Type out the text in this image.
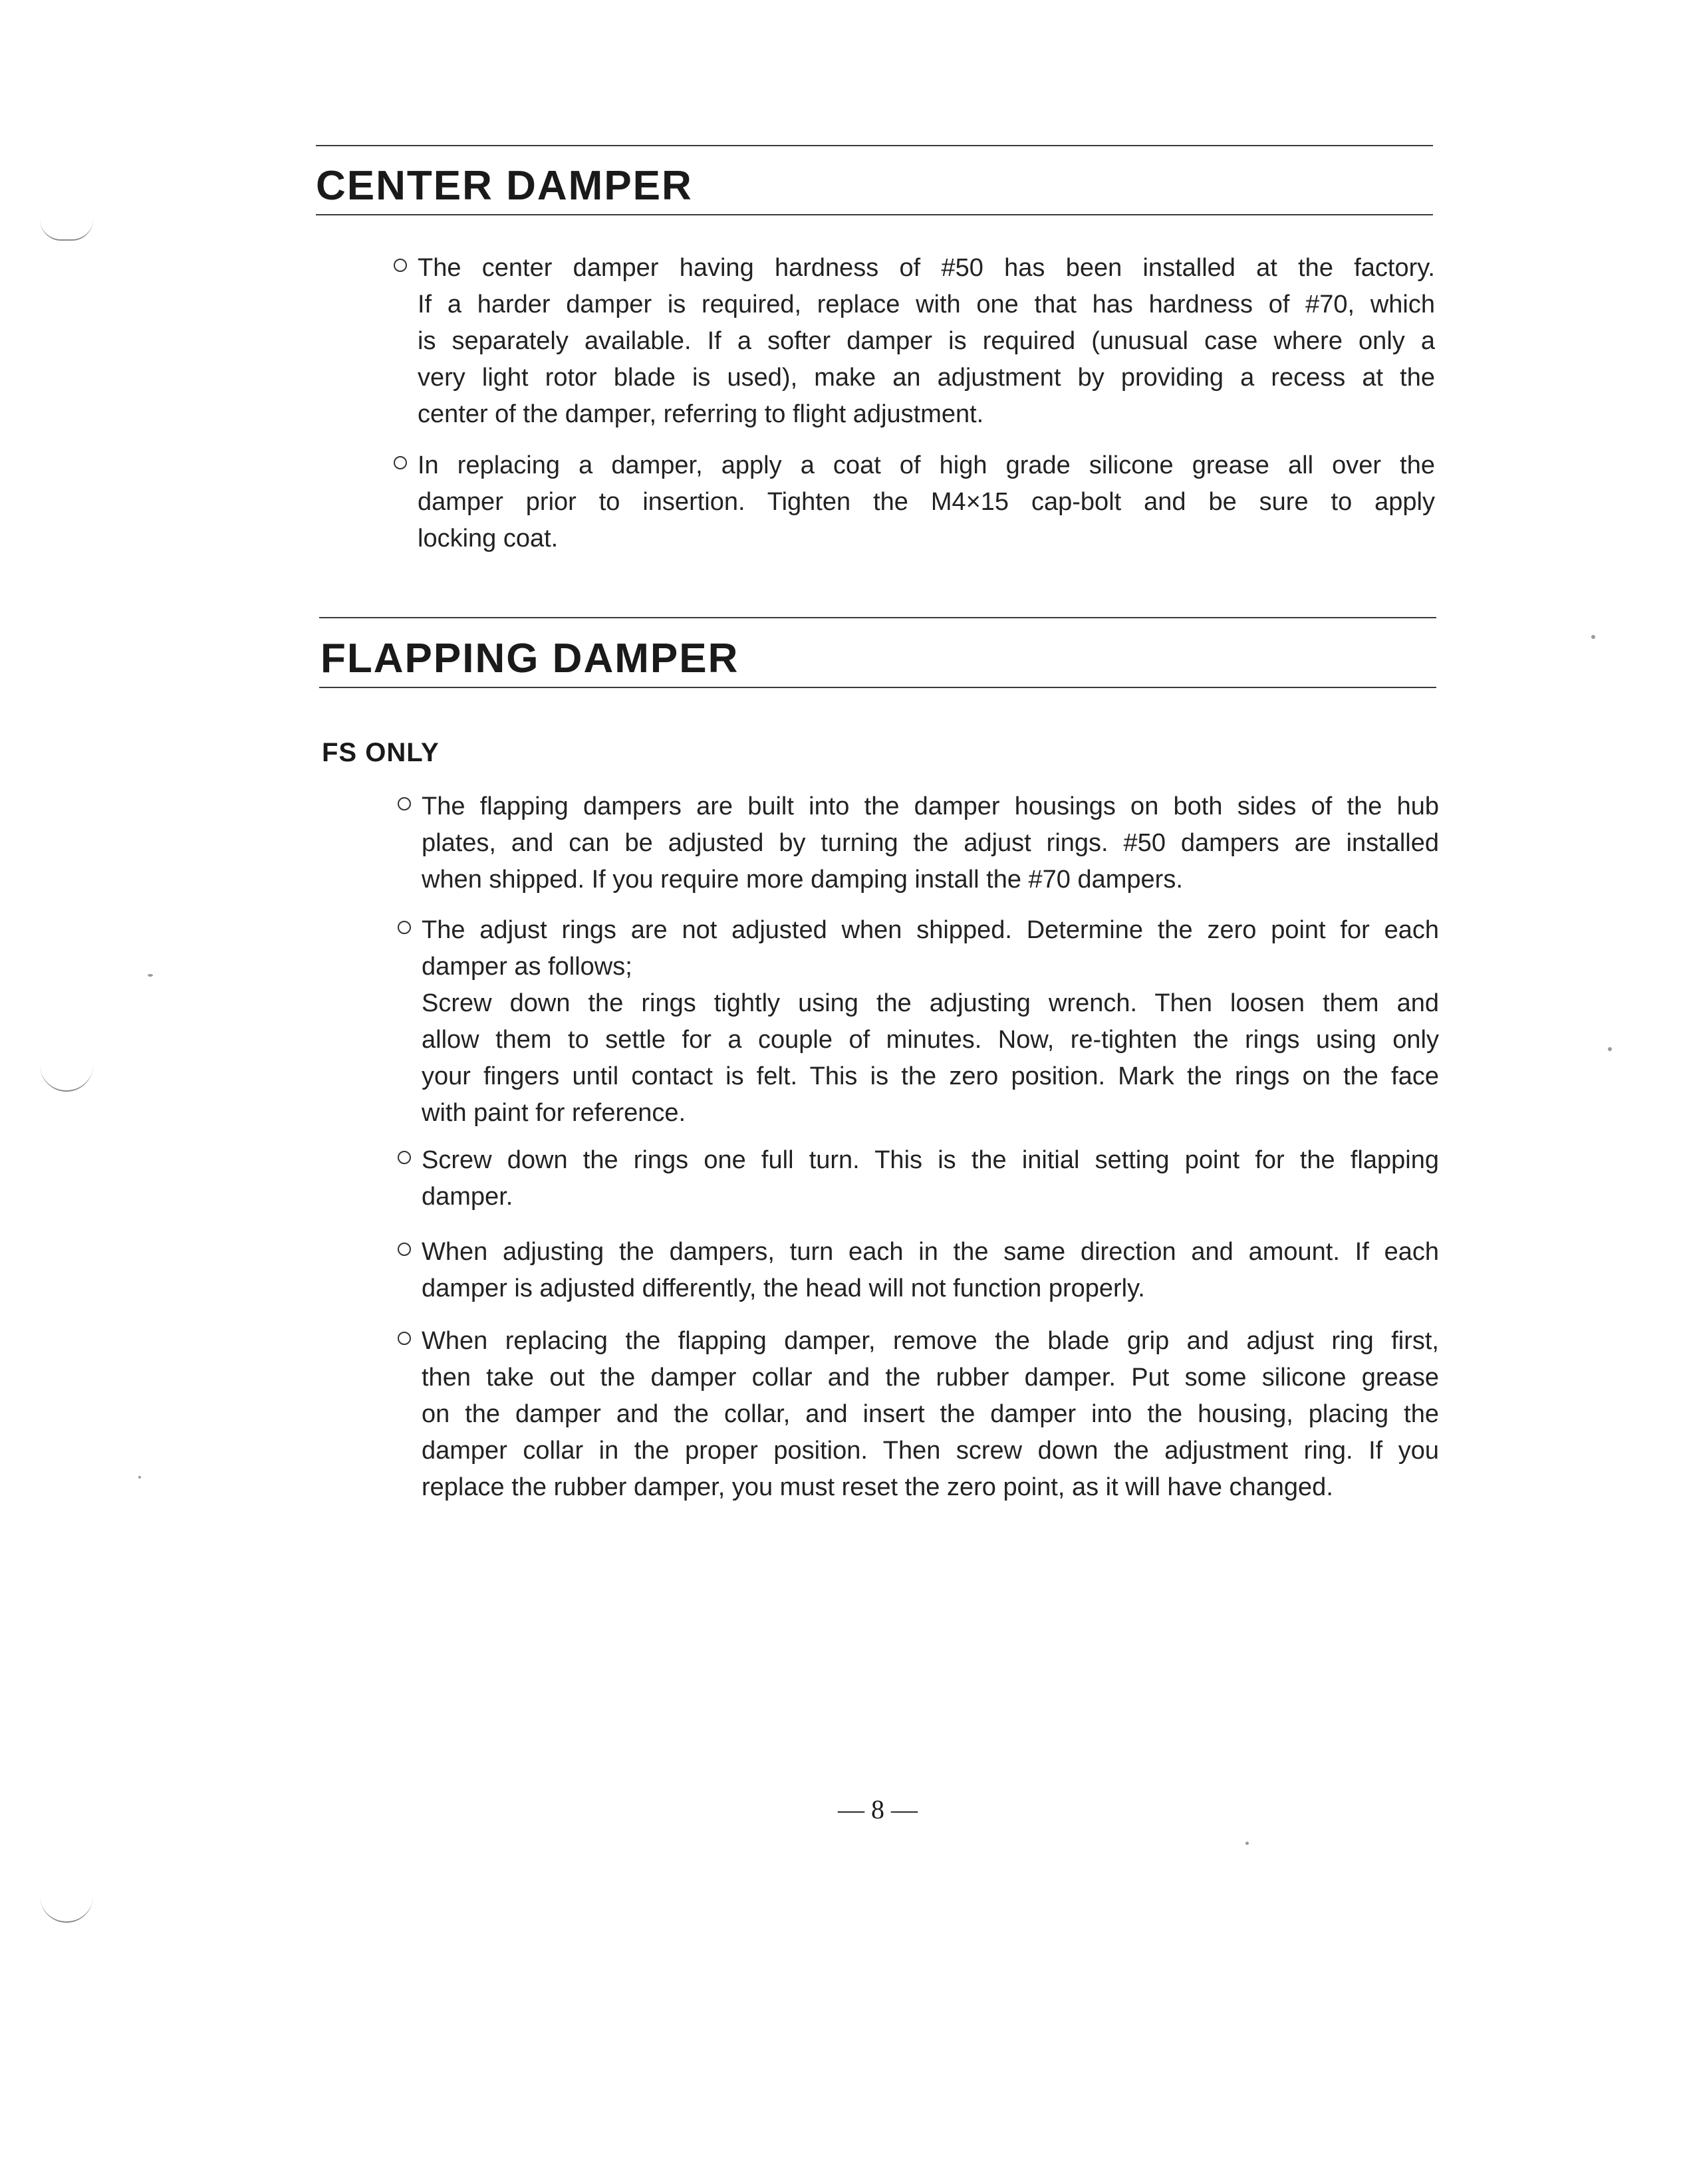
CENTER DAMPER

The center damper having hardness of #50 has been installed at the factory.

If a harder damper is required, replace with one that has hardness of #70, which

is separately available. If a softer damper is required (unusual case where only a

very light rotor blade is used), make an adjustment by providing a recess at the

center of the damper, referring to flight adjustment.

In replacing a damper, apply a coat of high grade silicone grease all over the

damper prior to insertion. Tighten the M4×15 cap-bolt and be sure to apply

locking coat.

FLAPPING DAMPER
FS ONLY

The flapping dampers are built into the damper housings on both sides of the hub

plates, and can be adjusted by turning the adjust rings. #50 dampers are installed

when shipped. If you require more damping install the #70 dampers.

The adjust rings are not adjusted when shipped. Determine the zero point for each

damper as follows;

Screw down the rings tightly using the adjusting wrench. Then loosen them and

allow them to settle for a couple of minutes. Now, re-tighten the rings using only

your fingers until contact is felt. This is the zero position. Mark the rings on the face

with paint for reference.

Screw down the rings one full turn. This is the initial setting point for the flapping

damper.

When adjusting the dampers, turn each in the same direction and amount. If each

damper is adjusted differently, the head will not function properly.

When replacing the flapping damper, remove the blade grip and adjust ring first,

then take out the damper collar and the rubber damper. Put some silicone grease

on the damper and the collar, and insert the damper into the housing, placing the

damper collar in the proper position. Then screw down the adjustment ring. If you

replace the rubber damper, you must reset the zero point, as it will have changed.

— 8 —
